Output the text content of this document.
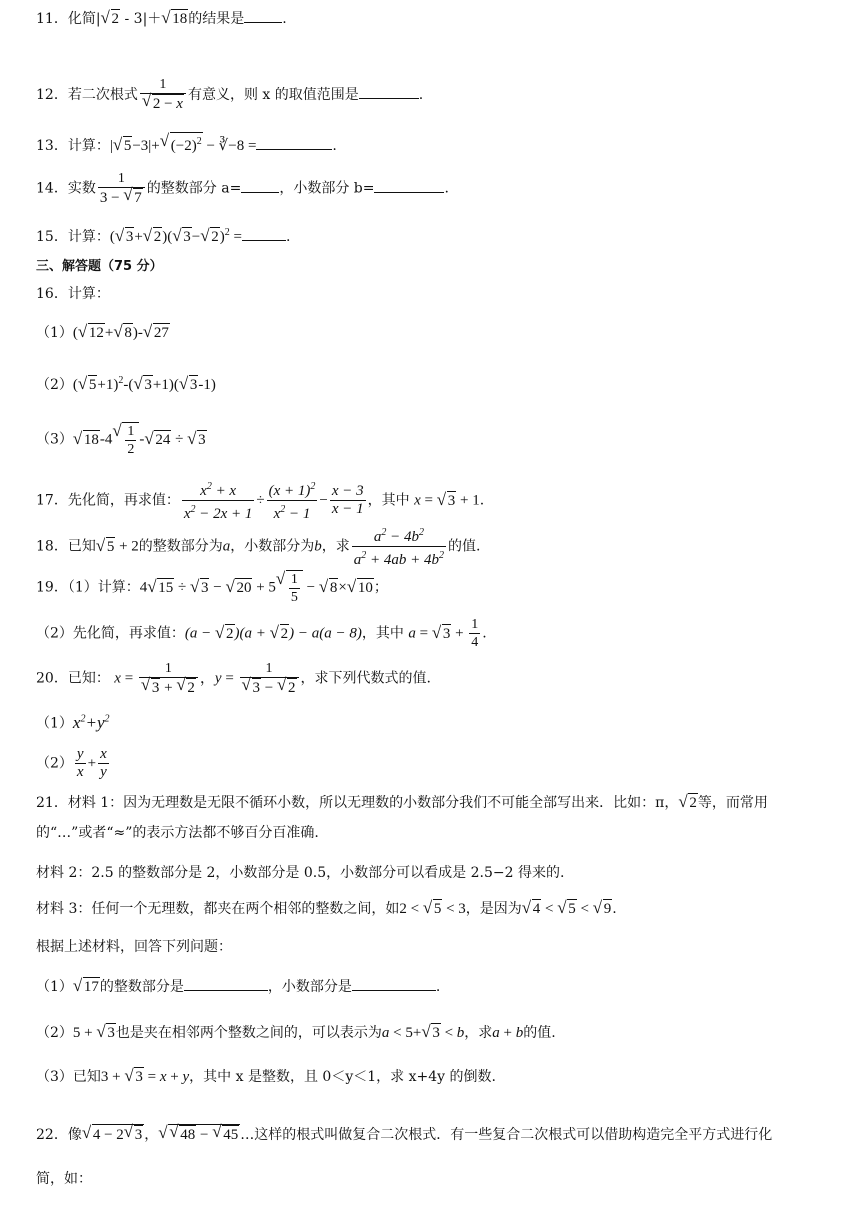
11．化简| √ 2 ‑ 3|＋ √ 18的结果是	.
12．若二次根式 1
√ 2 − x 有意义，则 x 的取值范围是	.
13．计算：| √ 5−3|+ √ $(-2)^2$ − ∛−8 =	.
14．实数 $\frac{1}{3 - √ 7}$ 的整数部分 a=	，小数部分 b=	.
15．计算：( √ 3+ √ 2)( √ 3− √ 2)$^2$ =	.
三、解答题（75 分）
16．计算：
（1）( √ 12+ √ 8)- √ 27
（2）( √ 5+1)$^2$-( √ 3+1)( √ 3-1)
（3） √ 18-4 √ $\frac{1}{2}$ - √ 24 ÷ √ 3
17．先化简，再求值： $\frac{x^2 + x}{x^2 - 2x + 1} \div \frac{(x + 1)^2}{x^2 - 1} - \frac{x - 3}{x - 1}$ ，其中 x = √ 3 + 1.
18．已知 √ 5 + 2的整数部分为a，小数部分为b，求 $\frac{a^2 - 4b^2}{a^2 + 4ab + 4b^2}$ 的值.
19．（1）计算：4 √ 15 ÷ √ 3 − √ 20 + 5 √ $\frac{1}{5}$ − √ 8× √ 10；
（2）先化简，再求值：(a − √ 2)(a + √ 2) − a(a − 8)，其中 a = √ $3 + \frac{1}{4}$ .
20．已知： x = 1
√ 3 + √ 2 ，y = 1
√ 3 − √ 2 ，求下列代数式的值.
$(1)x^2+y^2$
$(2) \frac{y}{x} + \frac{x}{y}$
21．材料 1：因为无理数是无限不循环小数，所以无理数的小数部分我们不可能全部写出来．比如：π， √ 2等，而常用
的“…”或者“≈”的表示方法都不够百分百准确.
材料 2：2.5 的整数部分是 2，小数部分是 0.5，小数部分可以看成是 2.5−2 得来的.
材料 3：任何一个无理数，都夹在两个相邻的整数之间，如2 < √ 5 < 3，是因为 √ 4 < √ 5 < √ 9.
根据上述材料，回答下列问题：
（1） √ 17的整数部分是	，小数部分是	.
（2）5 + √ 3也是夹在相邻两个整数之间的，可以表示为a < 5+ √ 3 < b，求a + b的值.
（3）已知3 + √ 3 = x + y，其中 x 是整数，且 0＜y＜1，求 x+4y 的倒数.
22．像 √ 4 − 2 √ 3 ， √ √ 48 − √ 45 …这样的根式叫做复合二次根式．有一些复合二次根式可以借助构造完全平方式进行化
简，如：
